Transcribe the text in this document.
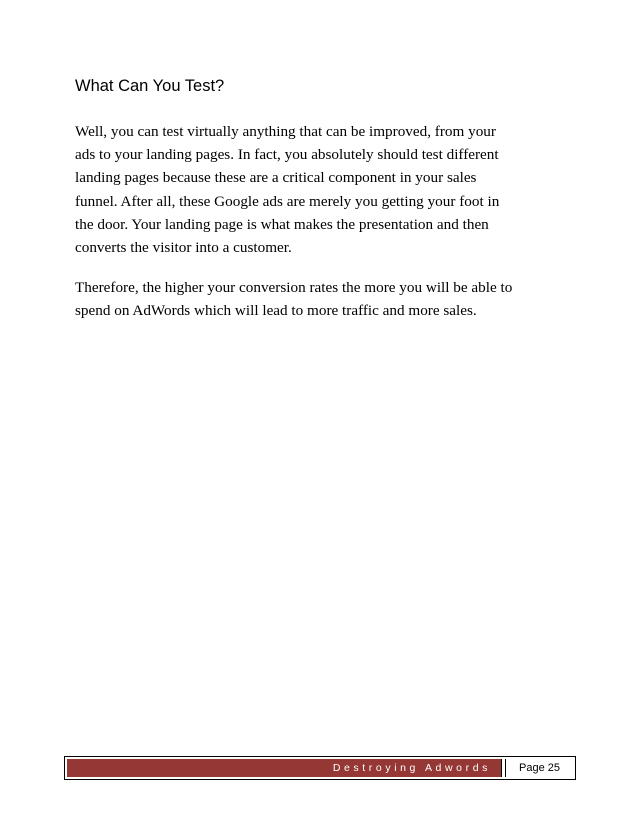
What Can You Test?

Well, you can test virtually anything that can be improved, from your
ads to your landing pages. In fact, you absolutely should test different
landing pages because these are a critical component in your sales
funnel. After all, these Google ads are merely you getting your foot in
the door. Your landing page is what makes the presentation and then
converts the visitor into a customer.

Therefore, the higher your conversion rates the more you will be able to
spend on AdWords which will lead to more traffic and more sales.

Destroying Adwords	Page 25
